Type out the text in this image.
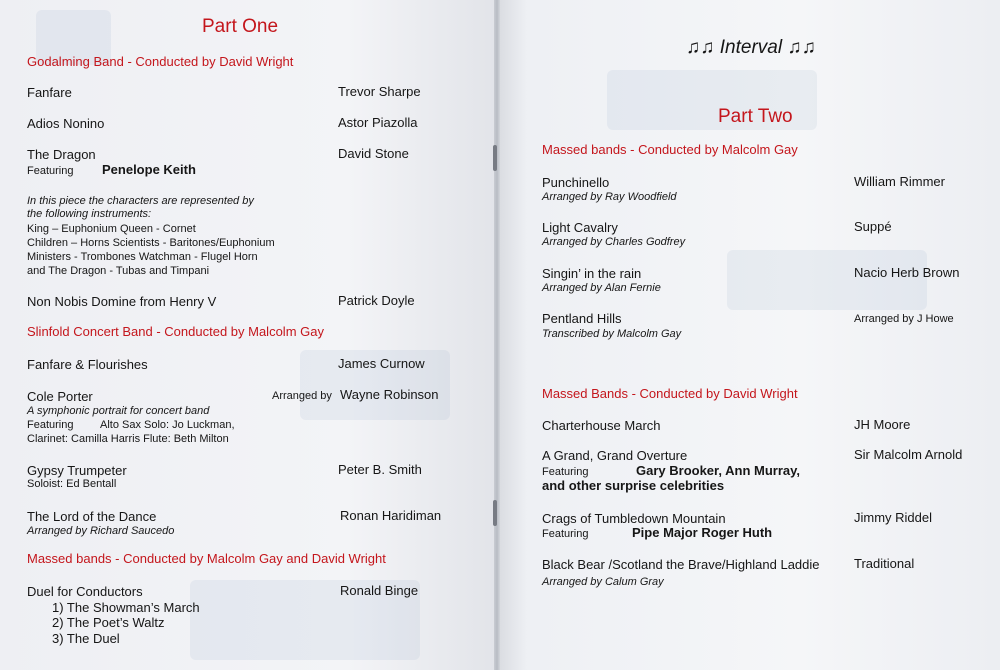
Part One
Godalming Band - Conducted by David Wright
Fanfare	Trevor Sharpe
Adios Nonino	Astor Piazolla
The Dragon	David Stone
Featuring Penelope Keith
In this piece the characters are represented by
the following instruments:
King – Euphonium Queen - Cornet
Children – Horns Scientists - Baritones/Euphonium
Ministers - Trombones Watchman - Flugel Horn
and The Dragon - Tubas and Timpani
Non Nobis Domine from Henry V	Patrick Doyle
Slinfold Concert Band - Conducted by Malcolm Gay
Fanfare & Flourishes	James Curnow
Cole Porter	Arranged by Wayne Robinson
A symphonic portrait for concert band
Featuring Alto Sax Solo: Jo Luckman,
Clarinet: Camilla Harris Flute: Beth Milton
Gypsy Trumpeter	Peter B. Smith
Soloist: Ed Bentall
The Lord of the Dance	Ronan Haridiman
Arranged by Richard Saucedo
Massed bands - Conducted by Malcolm Gay and David Wright
Duel for Conductors	Ronald Binge
1) The Showman’s March
2) The Poet’s Waltz
3) The Duel
♫♫ Interval ♫♫
Part Two
Massed bands - Conducted by Malcolm Gay
Punchinello	William Rimmer
Arranged by Ray Woodfield
Light Cavalry	Suppé
Arranged by Charles Godfrey
Singin’ in the rain	Nacio Herb Brown
Arranged by Alan Fernie
Pentland Hills	Arranged by J Howe
Transcribed by Malcolm Gay
Massed Bands - Conducted by David Wright
Charterhouse March	JH Moore
A Grand, Grand Overture	Sir Malcolm Arnold
Featuring	Gary Brooker, Ann Murray,
and other surprise celebrities
Crags of Tumbledown Mountain	Jimmy Riddel
Featuring	Pipe Major Roger Huth
Black Bear /Scotland the Brave/Highland Laddie	Traditional
Arranged by Calum Gray
